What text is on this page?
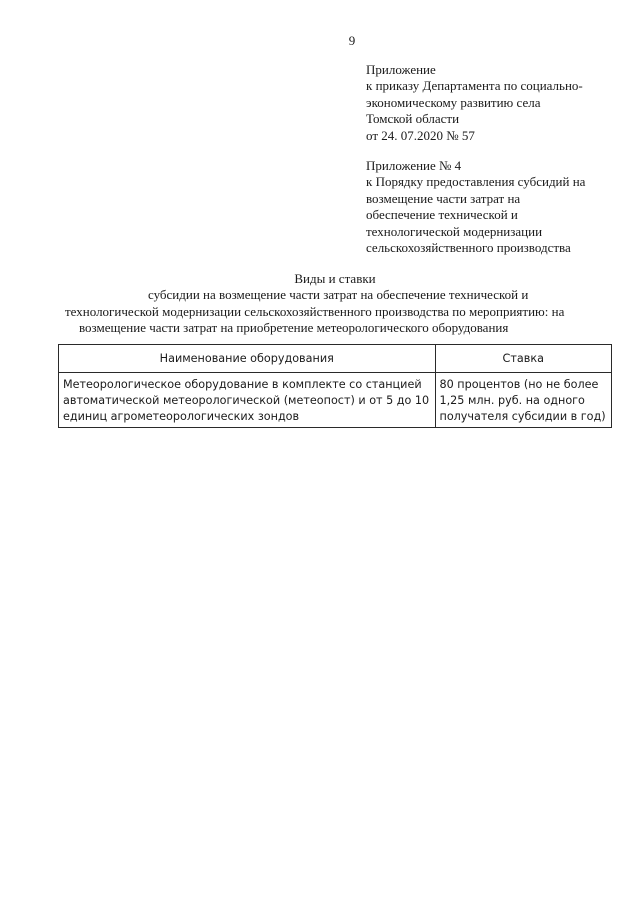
9
Приложение
к приказу Департамента по социально-
экономическому развитию села
Томской области
от 24. 07.2020 № 57
Приложение № 4
к Порядку предоставления субсидий на
возмещение части затрат на
обеспечение технической и
технологической модернизации
сельскохозяйственного производства
Виды и ставки
субсидии на возмещение части затрат на обеспечение технической и
технологической модернизации сельскохозяйственного производства по мероприятию: на
возмещение части затрат на приобретение метеорологического оборудования
Наименование оборудования	Ставка

Метеорологическое оборудование в комплекте со станцией
автоматической метеорологической (метеопост) и от 5 до 10
единиц агрометеорологических зондов	80 процентов (но не более
1,25 млн. руб. на одного
получателя субсидии в год)
